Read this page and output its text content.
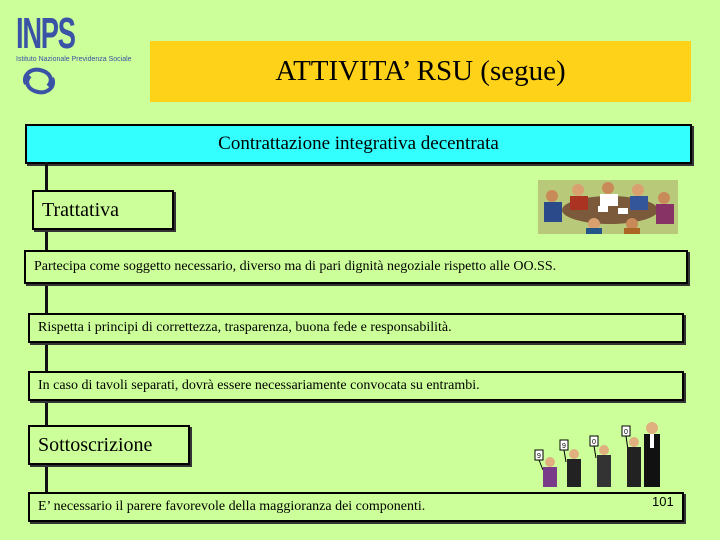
INPS
Istituto Nazionale Previdenza Sociale	ATTIVITA’ RSU (segue)
Contrattazione integrativa decentrata
Trattativa
Partecipa come soggetto necessario, diverso ma di pari dignità negoziale rispetto alle OO.SS.
Rispetta i principi di correttezza, trasparenza, buona fede e responsabilità.
In caso di tavoli separati, dovrà essere necessariamente convocata su entrambi.
Sottoscrizione
9
9
0
0
E’ necessario il parere favorevole della maggioranza dei componenti.	101
